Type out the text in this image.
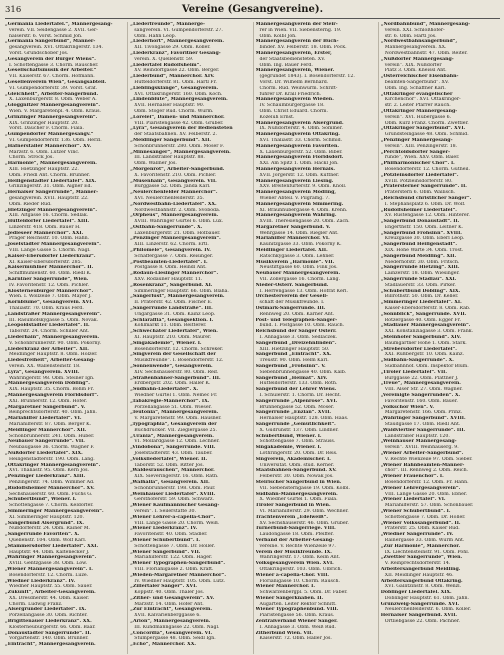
316	Vereine (Gesangvereine).
„Germania Liedertafel.“, Männergesang-
verein. VII. Seidengasse 2. XVII. Ger-
nalserstr. 6. Vorst. Schmid Joh.
„Germania Sängerbund“, Männer-
gesangverein. XVI. Ottakringerstr. 134.
Vorst. Grundschober Jos.
„Gesangverein der Bürger Wiens“.
I. Schottengasse 3. Chorm. Rauscher.
„Gesellschaftsmusik der Arbeiter.“
VII. Kaiserstr. 67. Chorm. Hofmann.
„Gesellenverein Wien“, Gesangsabteil.
VI. Gumpendorferstr. 39. Vorst. Graf.
„Gleichheit“, Arbeiter-Sängerbund.
X. Laxenburgerstr. 8. Obm. Weber A.
„Gloggnitzer Männergesangverein“.
Wien. V. Margaretenpl. 4. Obm. Kraus.
„Grinzinger Männergesangverein“.
XIX. Grinzinger Hauptstr. 20.
Vorst. Daucher F. Chorm. Fiala.
„Gumpendorfer Männergesangv.“
VI. Gumpendorferstr. 136. Obm. Herzl.
„Hafnerstaller Männerchor“. XV.
Märzstr. 6. Obm. Lutzer Vinc.
Chorm. Ströck Jos.
„Harmonie“, Männergesangverein.
XIII. Hietzinger Hauptstr. 22.
Obm. Friedl Ant. Chorm. Brunner.
„Heiligenstädter Liedertafel“. XIX.
Grinzingerstr. 31. Obm. Aigner Ed.
„Hernalser Sängerrunde“, Männer-
gesangverein. XVII. Hauptstr. 22.
Obm. Rieder Rud.
„Hietzinger Männergesangverein“.
XIII. Altgasse 16. Chorm. Sedlak.
„Hütteldorfer Liedertafel“. XIII.
Linzerstr. 418. Obm. Bauer H.
„Jedleseer Männerchor“. XXI.
Prager Reichsstr. 10. Obm. Hahn.
„Josefstädter Männergesangverein“.
VIII. Lange Gasse 5. Chorm. Nagl.
„Kaiser-Ebersdorfer Liederkranz“.
XI. Kaiser-Ebersdorferstr. 285.
„Kaisermühlner Männerchor“. II.
Schiffmühlenstr. 60. Obm. Riedl K.
„Kärntner Sängerrunde“, Wien.
IV. Favoritenstr. 12. Obm. Pichler.
„Klosterneuburger Männerchor“.
Wien. I. Wollzeile 7. Obm. Mayer J.
„Kornblume“, Gesangverein. XVI.
Thaliastr. 70. Obm. Kraus Ferd.
„Landstraßer Männergesangverein“.
III. Rasumofskygasse 5. Obm. Novak.
„Leopoldstädter Liedertafel“. II.
Taborstr. 24. Chorm. Schiller Ant.
„Liederhain“, Männergesangverein.
V. Schönbrunnerstr. 90. Obm. Pokorny.
„Liederkranz der Arbeiter“. XII.
Meidlinger Hauptstr. 8. Obm. Holzer.
„Liedesfreiheit“, Arbeiter-Gesang-
verein. XX. Wallensteinstr. 18.
„Lyra“, Gesangverein. XVIII.
Währingerstr. 98. Obm. Steiner Ign.
„Männergesangverein Döbling“.
XIX. Hauptstr. 35. Chorm. Böhm Fr.
„Männergesangverein Floridsdorf“.
XXI. Brünnerstr. 12. Obm. Hofer.
„Margaretner Sängerbund“. V.
Reinprechtsdorferstr. 40. Obm. Jahn.
„Mariahilfer Liedertafel“. VI.
Mariahilferstr. 87. Obm. Berger K.
„Meidlinger Männerchor“. XII.
Schönbrunnerstr. 241. Obm. Huber.
„Neubauer Sängerrunde“. VII.
Neubaugasse 36. Chorm. Wagner F.
„Nußdorfer Liedertafel“. XIX.
Heiligenstädterstr. 190. Obm. Lang.
„Ottakringer Männergesangverein“.
XVI. Thaliastr. 95. Obm. Kern Jos.
„Penzinger Liederkranz“. XIII.
Penzingerstr. 74. Obm. Wimmer Ad.
„Rudolfsheimer Männerchor“. XV.
Sechshauserstr. 60. Obm. Fuchs G.
„Schubertbund“, Wiener. I.
Schottengasse 7. Chorm. Keldorfer.
„Simmeringer Männergesangverein“.
XI. Simmeringer Hauptstr. 120.
„Sängerbund Alsergrund“. IX.
Nußdorferstr. 24. Obm. Rainer M.
„Sängerrunde Favoriten“. X.
Quellenstr. 104. Obm. Wolf Karl.
„Stammersdorfer Liedertafel“. XXI.
Hauptstr. 44. Obm. Kaltenecker J.
„Währinger Männergesangverein“.
XVIII. Gentzgasse 38. Obm. Löw.
„Wiener Männergesangverein“. I.
Bösendorferstr. 12. Chorm. Luze.
„Wiedner Liederkranz“. IV.
Wiedner Hauptstr. 55. Obm. Sauer.
„Zukunft“, Arbeiter-Gesangverein.
XX. Dresdnerstr. 44. Obm. Kaiser.
Chorm. Ludwig Franz.
„Alsergrunder Liedertafel“. IX.
Porzellangasse 30. Obm. Richter.
„Brigittenauer Liederkranz“. XX.
Klosterneuburgerstr. 66. Obm. Baar.
„Donaustädter Sängerrunde“. II.
Vorgartenstr. 140. Obm. Brunner.
„Eintracht“, Männergesangverein.
„Liederfreunde“, Männerge-
sangverein. VI. Gumpendorferstr. 27.
Obm. Hahn Leop.
„Liederhort“, Männergesangverein.
XII. Tivoligasse 29. Obm. Koller.
„Liederkranz“, Favoritner Gesang-
verein. X. Quellenstr. 59.
„Liedertafel Rudolfsheim“.
XV. Reindorfgasse 22. Obm. Berger.
„Liederbund“, Männerchor. XIV.
Hütteldorferstr. 81. Obm. Hartl Fr.
„Lieblingsklänge“, Gesangverein.
XVI. Ottakringerstr. 160. Obm. Koch.
„Lindenblüte“, Männergesangverein.
XVII. Hernalser Hauptstr. 90.
Obm. Stöger Rud. Chorm. Wurm.
„Lorelei“, Damen- und Männerchor.
VIII. Piaristengasse 42. Obm. Gruber.
„Lyra“, Gesangverein der Bediensteten
der Staatsbahnen. XV. Felberstr. 2.
„Meidlinger Sängerbund“. XII.
Schönbrunnerstr. 280. Obm. Moser F.
„Minnesänger“, Männergesangverein.
III. Landstraßer Hauptstr. 88.
Obm. Wallner Jos.
„Morgenrot“, Arbeiter-Sängerbund.
X. Favoritenstr. 210. Obm. Pichler.
„Musenhain“, Gesangverein. VII.
Burggasse 52. Obm. Janda Karl.
„Neulerchenfelder Männerchor“.
XVI. Neulerchenfelderstr. 35.
„Nordwestbahn-Liedertafel“. XX.
Nordwestbahnstr. 2. Obm. Svoboda.
„Orpheus“, Männergesangverein.
XVIII. Währinger Gürtel 6. Obm. Lux.
„Ostbahn-Sängerrunde“. X.
Laxenburgerstr. 21. Obm. Hofbauer.
„Penzinger Männergesangverein“.
XIII. Linzerstr. 62. Chorm. Ertl.
„Philomele“, Gesangverein. IV.
Schäffergasse 7. Obm. Reisinger.
„Postbeamten-Liedertafel“. I.
Postgasse 8. Obm. Heindl Ant.
„Rodaun-Liesinger Männerchor“.
XXV. Rodauner Hauptstr. 11.
„Rosenkranz“, Sängerbund. XI.
Simmeringer Hauptstr. 66. Obm. Blaha.
„Sängerlust“, Männergesangverein.
II. Praterstr. 42. Obm. Fischer E.
„Sängerrunde Landstraße“. III.
Ungargasse 31. Obm. Kainz Leop.
„Schlaraffia“, Gesangsektion. I.
Kohlmarkt 11. Obm. Reitterer.
„Schwechater Liedertafel“, Wien.
XI. Hauptstr. 210. Obm. Maurer.
„Singakademie“, Wiener. I.
Bösendorferstr. 12. Chorm. Schreker.
„Singverein der Gesellschaft der
Musikfreunde“. I. Bösendorferstr. 12.
„Sonnenwende“, Gesangverein.
XIV. Sechshauserstr. 80. Obm. Reif.
„Straßenbahner-Sängerbund“. III.
Erdbergstr. 202. Obm. Haller K.
„Südbahn-Liedertafel“. X.
Wiedner Gürtel 1. Obm. Nemec Fr.
„Tabakregie-Männerchor“. IX.
Porzellangasse 51. Obm. Wieser.
„Teutonia“, Männergesangverein.
V. Margaretenstr. 99. Obm. Hausner.
„Typographia“, Gesangverein der
Buchdrucker. VII. Zieglergasse 25.
„Urania“, Männergesangverein.
VI. Mollardgasse 12. Obm. Lechner.
„Vindobona“, Sängerrunde. VIII.
Josefstädterstr. 43. Obm. Tauber.
„Volksliedertafel“, Wiener. II.
Taborstr. 52. Obm. Ritter Jos.
„Waldesrauschen“, Männerchor.
XIX. Sieveringerstr. 16. Obm. Rath.
„Walhalla“, Gesangverein. XII.
Schönbrunnerstr. 198. Obm. Paur.
„Weinhauser Liedertafel“. XVIII.
Gersthoferstr. 59. Obm. Schwarz.
„Wiener Kaufmännischer Gesang-
verein“. I. Seilerstätte 30.
„Wiener Lehrer-a-capella-Chor“.
VIII. Lange Gasse 20. Chorm. Weiß.
„Wiener Liederkranz“. IV.
Favoritenstr. 40. Obm. Stadler.
„Wiener Schubertbund“. I.
Schottengasse 7. Obm. Dr. Holler.
„Wiener Sängerbund“. VII.
Mariahilferstr. 122. Obm. Hager.
„Wiener Typographen-Sängerbund“.
VIII. Florianigasse 2. Obm. Kraft.
„Wieden-Margaretner Männerchor“.
IV. Wiedner Hauptstr. 105. Obm. Lutz.
„Zillertaler Sänger“. XVI.
Koppstr. 40. Obm. Thaler Jos.
„Zither- und Gesangverein“. XV.
Märzstr. 14. Obm. Hofer Ant.
„Zur Eintracht“, Gesangverein.
XVII. Kalvarienberggasse 6.
„Arion“, Männergesangverein.
III. Kundmanngasse 22. Obm. Nagl.
„Concordia“, Gesangverein. VI.
Stumpergasse 48. Obm. Seidl Ign.
„Echo“, Männerchor. XX.
Männergesangverein der Steir-
rer in Wien. VII. Siebensterng. 19.
Obm. Kölbl Joh.
Männergesangverein der Buch-
binder. XV. Felberstr. 18. Obm. Pock.
Männergesangverein, Erster,
der Staatsbediensteten. XV.
Obm. Ing. Bauer Ferd.
Männergesangverein, Wiener.
(gegründet 1843). I. Bösendorferstr. 12.
Vorst. Dr. Wilhelm Bernhard.
Chorm. Rud. Weinwurm. Schrift-
führer Dr. Krall Friedrich.
Männergesangverein Wieden.
IV. Schaumburgergasse 18.
Obm. Christ Eduard. Chorm.
Kozeluh Ernst.
Männergesangverein Alsergrund.
IX. Nußdorferstr. 4. Obm. Sommer.
Männergesangverein Ottakring.
XVI. Thaliastr. 33. Chorm. Schmid.
Männergesangverein Favoriten.
X. Laxenburgerstr. 52. Obm. Biber.
Männergesangverein Floridsdorf.
XXI. Am Spitz 1. Obm. Hackl Joh.
Männergesangverein Hernals.
XVII. Jörgerstr. 12. Obm. Kuttner.
Männergesangverein Liesing.
XXV. Breitenfurterstr. 9. Obm. Knoll.
Männergesangverein Mödling,
Wiener Abteil. V. Pilgramg. 7.
Männergesangverein Simmering.
XI. Braunhubergasse 4. Obm. Krenn.
Männergesangverein Währing.
XVIII. Theresiengasse 20. Obm. Zach.
Margaretner Sängerbund. V.
Wehrgasse 14. Obm. Riegler Ant.
Mariahilfer Männerchor. VI.
Kaunitzgasse 33. Obm. Pokorny K.
Meidlinger Liedertafel. XII.
Ratschkygasse 3. Obm. Lehner.
Musikverein „Harmonie“. VII.
Neustiftgasse 60. Obm. Fink Jos.
Neubauer Männergesangverein.
VII. Zollergasse 16. Chorm. Lang.
Nieder-Österr. Sängerbund.
I. Herrengasse 13. Obm. Hofrat Kerl.
Orchesterverein der Gesell-
schaft der Musikfreunde. I.
Ostmark-Sängerrunde. III.
Rennweg 20. Obm. Karner Ant.
Post- und Telegraphen-Sänger-
bund. I. Postgasse 10. Obm. Rauch.
Reichsbund der Sänger Österr.
I. Annagasse 3. Obm. Sedlaczek.
Sängerbund „Dreizehnlinden“.
XIII. Hietzinger Hauptstr. 50.
Sängerbund „Eintracht“. XX.
Treustr. 90. Obm. Helm Karl.
Sängerbund „Frohsinn“. V.
Siebenbrunnengasse 40. Obm. Kalb.
Sängerbund „Heimat“. XIV.
Hütteldorferstr. 133. Obm. Roth.
Sängerbund der Lehrer Wiens.
I. Schulerstr. 1. Chorm. Dr. Hecht.
Sängerrunde „Alpenrose“. XVI.
Brunnengasse 52. Obm. Moser.
Sängerrunde „Enzian“. XVII.
Hernalser Hauptstr. 128. Obm. Haas.
Sängerrunde „Gemütlichkeit“.
X. Gudrunstr. 137. Obm. Lindner.
Schubertbund, Wiener. I.
Schottengasse 7. Obm. Strauss.
Singakademie, Wiener. I.
Lothringerstr. 20. Obm. Dr. Reis.
Singverein, Akademischer. I.
Universität. Obm. stud. Kerner.
Staatsbahnen-Sängerbund. XV.
Felberstr. 30. Obm. Nowak Jos.
Steirischer Sängerbund in Wien.
VII. Siebensterngasse 19. Obm. Kölbl.
Südbahn-Männergesangverein.
X. Wiedner Gürtel 1. Obm. Fiala.
Tiroler Sängerbund in Wien.
VI. Mariahilferstr. 29. Obm. Wechner.
Trachtenverein „Edelweiß“.
XV. Sechshauserstr. 46. Obm. Gruber.
Turnerbund-Sängerriege. VIII.
Laudongasse 18. Obm. Pfeiffer.
Verband der Arbeiter-Gesang-
vereine. V. Rechte Wienzeile 97.
Verein der Musikfreunde. IX.
Währingerstr. 17. Obm. Keim Ant.
Volksgesangverein Wien. XVI.
Ottakringerstr. 103. Obm. Ulbrich.
Wiener a-capella-Chor. VIII.
Florianigasse 10. Chorm. Rausch.
Wiener Männerchor. I.
Schwarzenbergpl. 5. Obm. Dr. Faber.
Wiener Sängerknaben. II.
Augarten. Leiter Rektor Schnitt.
Wiener Typographenbund. VIII.
Piaristengasse 56. Obm. Kraus.
Zentralverband Wiener Sänger.
I. Annagasse 3. Obm. Weiß Rud.
Zitherbund Wien. VII.
Kaiserstr. 72. Obm. Haller Jos.
„Nordbahnbund“, Männergesang-
verein. XXI. Schloßhofer-
str. 6. Obm. Hartl Jos.
„Nordwestbahnsängerbund“,
Männergesangverein. XX.
Nordwestbahnstr. 47. Obm. Reiter.
„Nußdorfer Männergesang-
verein“. XIX. Nußdorfer
Platz 3. Obm. Kneissl Ant.
„Österreichischer Eisenbahn-
beamten-Sängerbund“. XV.
Obm. Ing. Schaffner Karl.
„Ottakringer evangelischer
Kirchenchor“. XVI. Ottakringer-
str. 2. Leiter Pfarrer Rauch.
„Ottakringer Männergesang-
verein“. XVI. Hubergasse 6.
Obm. Kurz Franz. Chorm. Zwettler.
„Ottakringer Sängerbund“. XVI.
Grundsteingasse 48. Obm. Schmid.
„Penzinger Männergesang-
verein“. XIII. Penzingerstr. 18.
„Perchtoldsdorfer Sänger-
runde“, Wien. XXV. Obm. Baier.
„Philharmonischer Chor“. I.
Bösendorferstr. 12. Chorm. Gutheil.
„Pötzleinsdorfer Liedertafel“.
XVIII. Pötzleinsdorferstr. 80.
„Pratersterner Sängerrunde“. II.
Praterstern 6. Obm. Wallisch.
„Reichsbund christlicher Sänger“.
I. Stephansplatz 6. Obm. Dr. Wolf.
„Rudolfsheimer Liedertafel“.
XV. Rustengasse 12. Obm. Hinterer.
„Sängerbund Donaustadt“. II.
Engerthstr. 150. Obm. Leitner K.
„Sängerbund Frohsinn“. XVIII.
Kreuzgasse 30. Obm. Eberl Leop.
„Sängerbund Heiligenstadt“.
XIX. Hohe Warte 34. Obm. Trost.
„Sängerbund Meidling“. XII.
Niederhofstr. 30. Obm. Fritsch.
„Sängerrunde Hietzing“. XIII.
Lainzerstr. 18. Obm. Wiesinger.
„Sängerrunde Stadlau“. XXI.
Stadlauerstr. 33. Obm. Pirker.
„Schubertbund Döbling“. XIX.
Billrothstr. 50. Obm. Dr. Keller.
„Simmeringer Liedertafel“. XI.
Kaiser-Ebersdorferstr. 8. Obm. Rab.
„Sonnblick“, Sängerrunde. XVII.
Rötzergasse 40. Obm. Egger Fr.
„Stadlauer Männergesangverein“.
XXI. Konstanziagasse 3. Obm. Frank.
„Steinhofer Sängerbund“. XIV.
Baumgartner Höhe 1. Obm. Stark.
„Strebersdorfer Liedertafel“.
XXI. Rußbergstr. 10. Obm. Kainz.
„Südbahn-Sängerrunde“. X.
Südbahnhof. Obm. Inspektor Blum.
„Tiroler Liedertafel“. VII.
Burggasse 22. Obm. Plattner J.
„Treue“, Männergesangverein.
VIII. Alser Str. 27. Obm. Wagner.
„Vereinigte Sängerrunden“. X.
Favoritenstr. 160. Obm. Bauer.
„Volkschor Wien“. V.
Margaretenstr. 166. Obm. Prinz.
„Währinger Sängerbund“. XVIII.
Staudgasse 17. Obm. Riedl Ant.
„Waldviertler Sängerrunde“. III.
Landstraßer Hauptstr. 120.
„Weinhauser Männergesang-
verein“. XVIII. Weinhauserg. 9.
„Wiener Arbeiter-Sängerbund“.
V. Rechte Wienzeile 97. Obm. Sieber.
„Wiener Bahnbeamten-Männer-
chor“. III. Rennweg 2. Obm. Reich.
„Wiener Frauenchor“. I.
Bösendorferstr. 12. Obm. Fr. Hahn.
„Wiener Lehrergesangverein“.
VIII. Lange Gasse 20. Obm. Ebner.
„Wiener Liedertafel“. VI.
Mariahilferstr. 57. Obm. Schönbauer.
„Wiener Schubertbund“. I.
Schottengasse 7. Obm. Dr. Holler.
„Wiener Volkssängerbund“. II.
Praterstr. 25. Obm. Kaiser Rud.
„Wiedner Sängerrunde“. IV.
Rainergasse 33. Obm. Wurm Ant.
„Zur Harmonie“, Männerchor.
IX. Liechtensteinstr. 91. Obm. Pohl.
„Zwettler Sängerrunde“, Wien.
V. Reinprechtsdorferstr. 14.
Arbeitersängerbund Meidling.
XII. Meidlinger Hauptstr. 46.
Arbeitersängerbund Ottakring.
XVI. Gallitzinstr. 8. Obm. Wenzl.
Döblinger Liedertafel. XIX.
Döblinger Hauptstr. 61. Obm. Jahn.
Grünzweig-Sängerrunde. XVI.
Neulerchenfelderstr. 6. Obm. Koller.
Hernalser Sängerbund. XVII.
Ortliebgasse 22. Obm. Pachner.
